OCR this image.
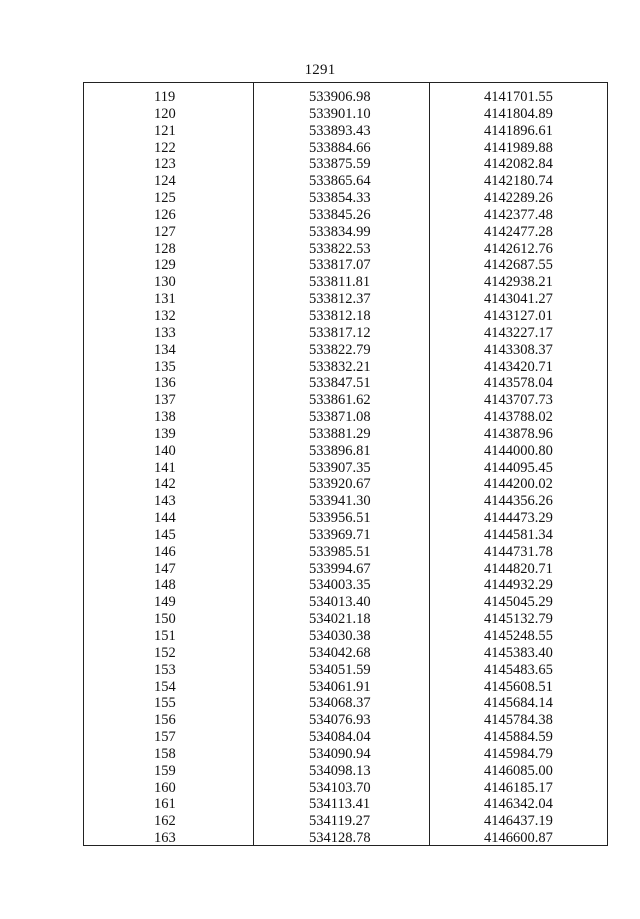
1291
119	533906.98	4141701.55
120	533901.10	4141804.89
121	533893.43	4141896.61
122	533884.66	4141989.88
123	533875.59	4142082.84
124	533865.64	4142180.74
125	533854.33	4142289.26
126	533845.26	4142377.48
127	533834.99	4142477.28
128	533822.53	4142612.76
129	533817.07	4142687.55
130	533811.81	4142938.21
131	533812.37	4143041.27
132	533812.18	4143127.01
133	533817.12	4143227.17
134	533822.79	4143308.37
135	533832.21	4143420.71
136	533847.51	4143578.04
137	533861.62	4143707.73
138	533871.08	4143788.02
139	533881.29	4143878.96
140	533896.81	4144000.80
141	533907.35	4144095.45
142	533920.67	4144200.02
143	533941.30	4144356.26
144	533956.51	4144473.29
145	533969.71	4144581.34
146	533985.51	4144731.78
147	533994.67	4144820.71
148	534003.35	4144932.29
149	534013.40	4145045.29
150	534021.18	4145132.79
151	534030.38	4145248.55
152	534042.68	4145383.40
153	534051.59	4145483.65
154	534061.91	4145608.51
155	534068.37	4145684.14
156	534076.93	4145784.38
157	534084.04	4145884.59
158	534090.94	4145984.79
159	534098.13	4146085.00
160	534103.70	4146185.17
161	534113.41	4146342.04
162	534119.27	4146437.19
163	534128.78	4146600.87
